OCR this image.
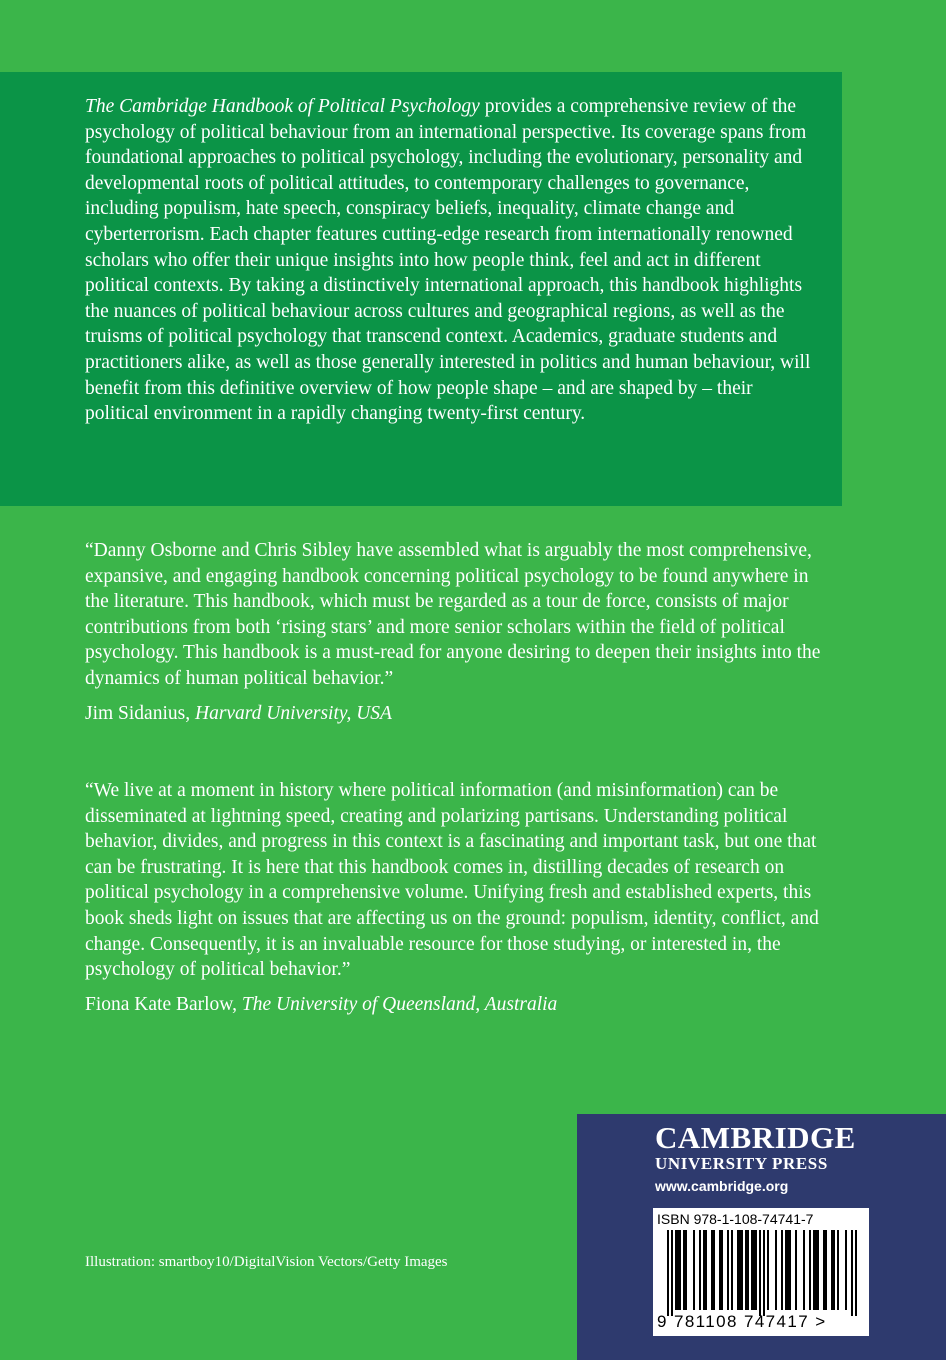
The Cambridge Handbook of Political Psychology provides a comprehensive review of the psychology of political behaviour from an international perspective. Its coverage spans from foundational approaches to political psychology, including the evolutionary, personality and developmental roots of political attitudes, to contemporary challenges to governance, including populism, hate speech, conspiracy beliefs, inequality, climate change and cyberterrorism. Each chapter features cutting-edge research from internationally renowned scholars who offer their unique insights into how people think, feel and act in different political contexts. By taking a distinctively international approach, this handbook highlights the nuances of political behaviour across cultures and geographical regions, as well as the truisms of political psychology that transcend context. Academics, graduate students and practitioners alike, as well as those generally interested in politics and human behaviour, will benefit from this definitive overview of how people shape – and are shaped by – their political environment in a rapidly changing twenty-first century.

“Danny Osborne and Chris Sibley have assembled what is arguably the most comprehensive, expansive, and engaging handbook concerning political psychology to be found anywhere in the literature. This handbook, which must be regarded as a tour de force, consists of major contributions from both ‘rising stars’ and more senior scholars within the field of political psychology. This handbook is a must-read for anyone desiring to deepen their insights into the dynamics of human political behavior.”

Jim Sidanius, Harvard University, USA

“We live at a moment in history where political information (and misinformation) can be disseminated at lightning speed, creating and polarizing partisans. Understanding political behavior, divides, and progress in this context is a fascinating and important task, but one that can be frustrating. It is here that this handbook comes in, distilling decades of research on political psychology in a comprehensive volume. Unifying fresh and established experts, this book sheds light on issues that are affecting us on the ground: populism, identity, conflict, and change. Consequently, it is an invaluable resource for those studying, or interested in, the psychology of political behavior.”

Fiona Kate Barlow, The University of Queensland, Australia

Illustration: smartboy10/DigitalVision Vectors/Getty Images
CAMBRIDGE
UNIVERSITY PRESS
www.cambridge.org
ISBN 978-1-108-74741-7
9 781108 747417 >
